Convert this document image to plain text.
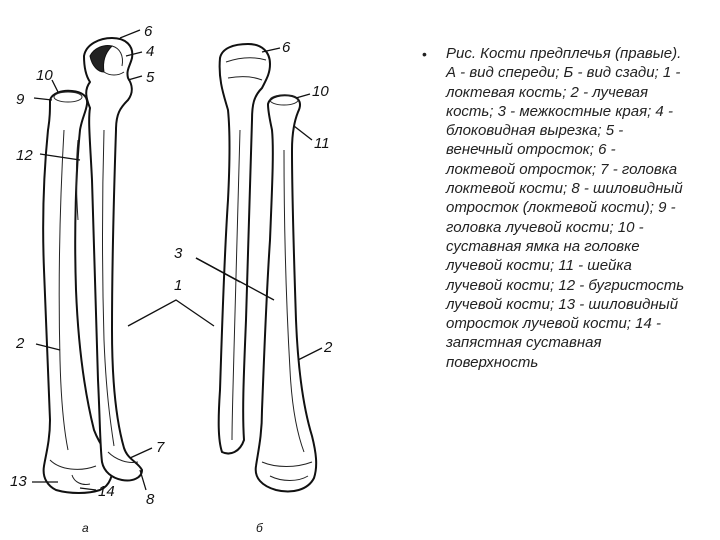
6
4
5
10
9
12
3
1
2
7
13
14 8
а
6
10
11
2
б
•	Рис. Кости предплечья (правые). А - вид спереди; Б - вид сзади; 1 - локтевая кость; 2 - лучевая кость; 3 - межкостные края; 4 - блоковидная вырезка; 5 - венечный отросток; 6 - локтевой отросток; 7 - головка локтевой кости; 8 - шиловидный отросток (локтевой кости); 9 - головка лучевой кости; 10 - суставная ямка на головке лучевой кости; 11 - шейка лучевой кости; 12 - бугристость лучевой кости; 13 - шиловидный отросток лучевой кости; 14 - запястная суставная поверхность
